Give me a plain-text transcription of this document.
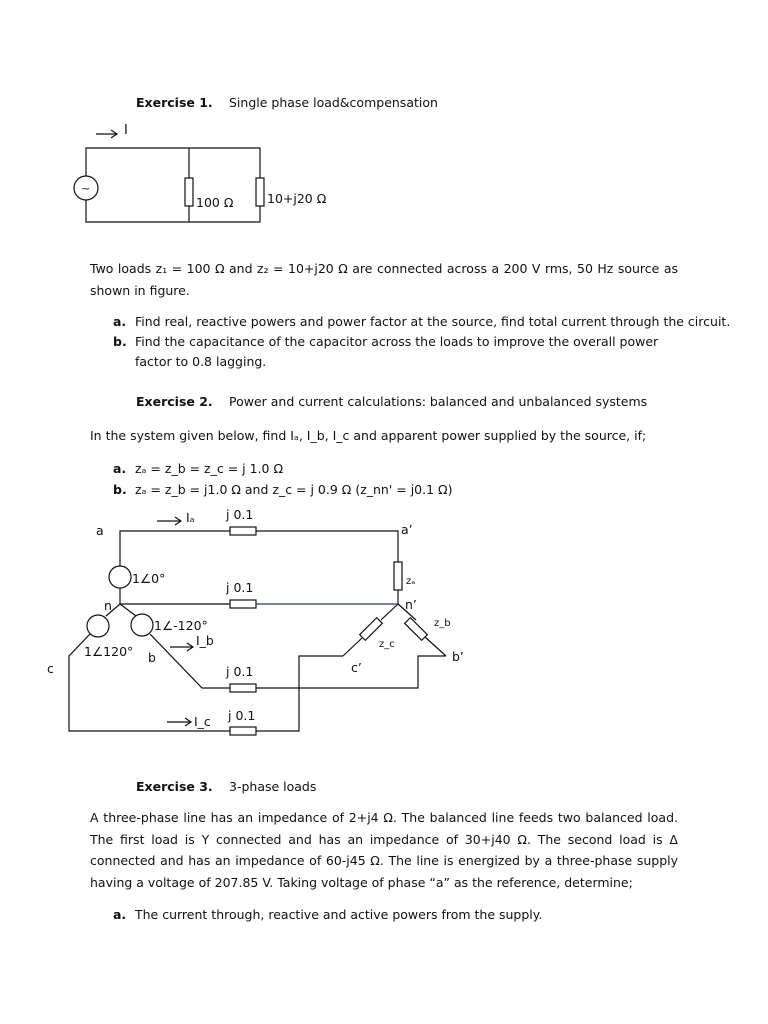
Exercise 1. Single phase load&compensation
I
~
100 Ω	10+j20 Ω
Two loads z₁ = 100 Ω and z₂ = 10+j20 Ω are connected across a 200 V rms, 50 Hz source as shown in figure.
a. Find real, reactive powers and power factor at the source, find total current through the circuit.
b. Find the capacitance of the capacitor across the loads to improve the overall power factor to 0.8 lagging.
Exercise 2. Power and current calculations: balanced and unbalanced systems
In the system given below, find Iₐ, I_b, I_c and apparent power supplied by the source, if;
a. zₐ = z_b = z_c = j 1.0 Ω
b. zₐ = z_b = j1.0 Ω and z_c = j 0.9 Ω (z_nn' = j0.1 Ω)
a	a’
n	n’
b	b’
c	c’
1∠0°
1∠-120°
1∠120°
Iₐ
I_b
I_c
j 0.1
j 0.1
j 0.1
j 0.1
zₐ
z_b
z_c
Exercise 3. 3-phase loads
A three-phase line has an impedance of 2+j4 Ω. The balanced line feeds two balanced load. The first load is Y connected and has an impedance of 30+j40 Ω. The second load is Δ connected and has an impedance of 60-j45 Ω. The line is energized by a three-phase supply having a voltage of 207.85 V. Taking voltage of phase “a” as the reference, determine;
a. The current through, reactive and active powers from the supply.
